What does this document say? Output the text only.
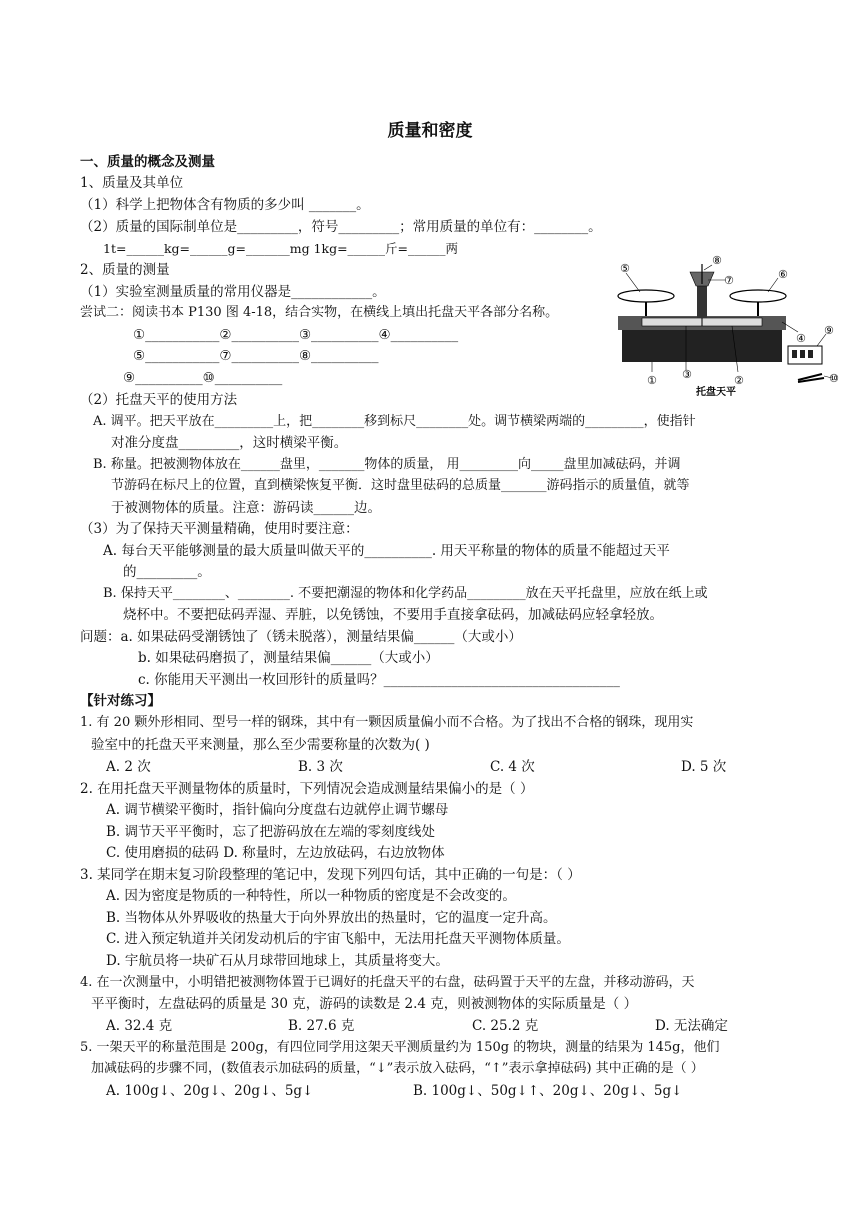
质量和密度
一、质量的概念及测量
1、质量及其单位
（1）科学上把物体含有物质的多少叫 _______。
（2）质量的国际制单位是_________，符号_________；常用质量的单位有：________。
1t=______kg=______g=_______mg 1kg=______斤=______两
2、质量的测量
（1）实验室测量质量的常用仪器是____________。
尝试二：阅读书本 P130 图 4-18，结合实物，在横线上填出托盘天平各部分名称。
①___________②__________③__________④__________
⑤___________⑦__________⑧__________
⑨__________⑩__________
（2）托盘天平的使用方法
A. 调平。把天平放在_________上，把________移到标尺________处。调节横梁两端的_________，使指针
对准分度盘_________，这时横梁平衡。
B. 称量。把被测物体放在______盘里，_______物体的质量， 用_________向_____盘里加减砝码，并调
节游码在标尺上的位置，直到横梁恢复平衡．这时盘里砝码的总质量_______游码指示的质量值，就等
于被测物体的质量。注意：游码读______边。
（3）为了保持天平测量精确，使用时要注意：
A. 每台天平能够测量的最大质量叫做天平的__________. 用天平称量的物体的质量不能超过天平
的_________。
B. 保持天平________、________. 不要把潮湿的物体和化学药品_________放在天平托盘里，应放在纸上或
烧杯中。不要把砝码弄湿、弄脏，以免锈蚀，不要用手直接拿砝码，加减砝码应轻拿轻放。
问题：a. 如果砝码受潮锈蚀了（锈未脱落），测量结果偏______（大或小）
b. 如果砝码磨损了，测量结果偏______（大或小）
c. 你能用天平测出一枚回形针的质量吗？___________________________________
【针对练习】
1. 有 20 颗外形相同、型号一样的钢珠，其中有一颗因质量偏小而不合格。为了找出不合格的钢珠，现用实
验室中的托盘天平来测量，那么至少需要称量的次数为( )
A. 2 次	B. 3 次	C. 4 次	D. 5 次
2. 在用托盘天平测量物体的质量时，下列情况会造成测量结果偏小的是（ ）
A. 调节横梁平衡时，指针偏向分度盘右边就停止调节螺母
B. 调节天平平衡时，忘了把游码放在左端的零刻度线处
C. 使用磨损的砝码 D. 称量时，左边放砝码，右边放物体
3. 某同学在期末复习阶段整理的笔记中，发现下列四句话，其中正确的一句是：（ ）
A. 因为密度是物质的一种特性，所以一种物质的密度是不会改变的。
B. 当物体从外界吸收的热量大于向外界放出的热量时，它的温度一定升高。
C. 进入预定轨道并关闭发动机后的宇宙飞船中，无法用托盘天平测物体质量。
D. 宇航员将一块矿石从月球带回地球上，其质量将变大。
4. 在一次测量中，小明错把被测物体置于已调好的托盘天平的右盘，砝码置于天平的左盘，并移动游码，天
平平衡时，左盘砝码的质量是 30 克，游码的读数是 2.4 克，则被测物体的实际质量是（ ）
A. 32.4 克	B. 27.6 克	C. 25.2 克	D. 无法确定
5. 一架天平的称量范围是 200g，有四位同学用这架天平测质量约为 150g 的物块，测量的结果为 145g，他们
加减砝码的步骤不同，(数值表示加砝码的质量，“↓”表示放入砝码，“↑”表示拿掉砝码) 其中正确的是（ ）
A. 100g↓、20g↓、20g↓、5g↓	B. 100g↓、50g↓↑、20g↓、20g↓、5g↓
⑤	⑥
⑦
⑧
④
① ③	②
⑨
⑩
托盘天平
